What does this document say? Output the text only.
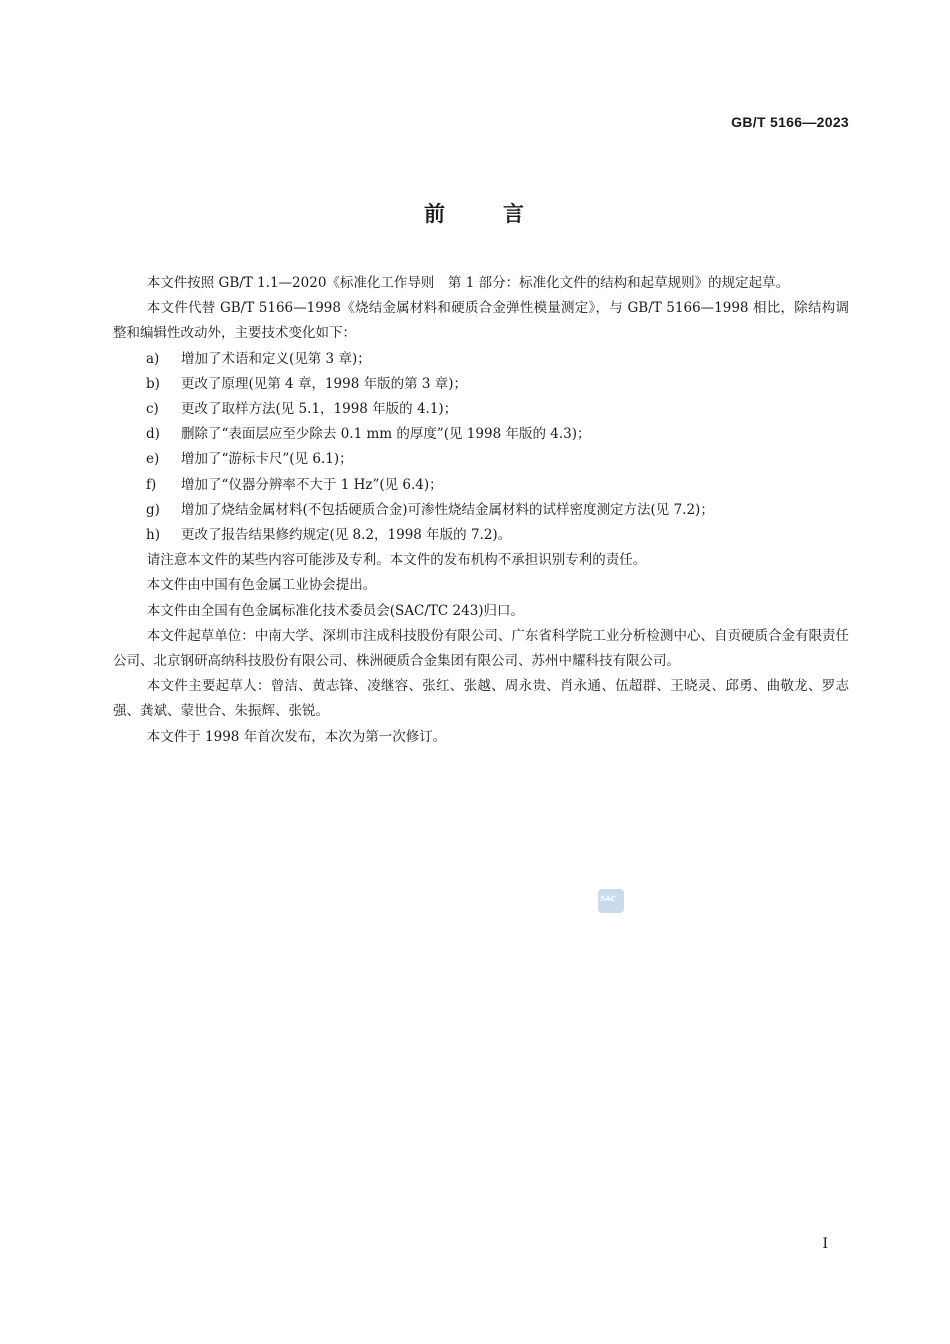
GB/T 5166—2023
前	言

本文件按照 GB/T 1.1—2020《标准化工作导则　第 1 部分：标准化文件的结构和起草规则》的规定起草。

本文件代替 GB/T 5166—1998《烧结金属材料和硬质合金弹性模量测定》，与 GB/T 5166—1998 相比，除结构调整和编辑性改动外，主要技术变化如下：

a) 增加了术语和定义(见第 3 章)；

b) 更改了原理(见第 4 章，1998 年版的第 3 章)；

c) 更改了取样方法(见 5.1，1998 年版的 4.1)；

d) 删除了“表面层应至少除去 0.1 mm 的厚度”(见 1998 年版的 4.3)；

e) 增加了“游标卡尺”(见 6.1)；

f) 增加了“仪器分辨率不大于 1 Hz”(见 6.4)；

g) 增加了烧结金属材料(不包括硬质合金)可渗性烧结金属材料的试样密度测定方法(见 7.2)；

h) 更改了报告结果修约规定(见 8.2，1998 年版的 7.2)。

请注意本文件的某些内容可能涉及专利。本文件的发布机构不承担识别专利的责任。

本文件由中国有色金属工业协会提出。

本文件由全国有色金属标准化技术委员会(SAC/TC 243)归口。

本文件起草单位：中南大学、深圳市注成科技股份有限公司、广东省科学院工业分析检测中心、自贡硬质合金有限责任公司、北京钢研高纳科技股份有限公司、株洲硬质合金集团有限公司、苏州中耀科技有限公司。

本文件主要起草人：曾洁、黄志锋、凌继容、张红、张越、周永贵、肖永通、伍超群、王晓灵、邱勇、曲敬龙、罗志强、龚斌、蒙世合、朱振辉、张锐。

本文件于 1998 年首次发布，本次为第一次修订。

SAC
I
